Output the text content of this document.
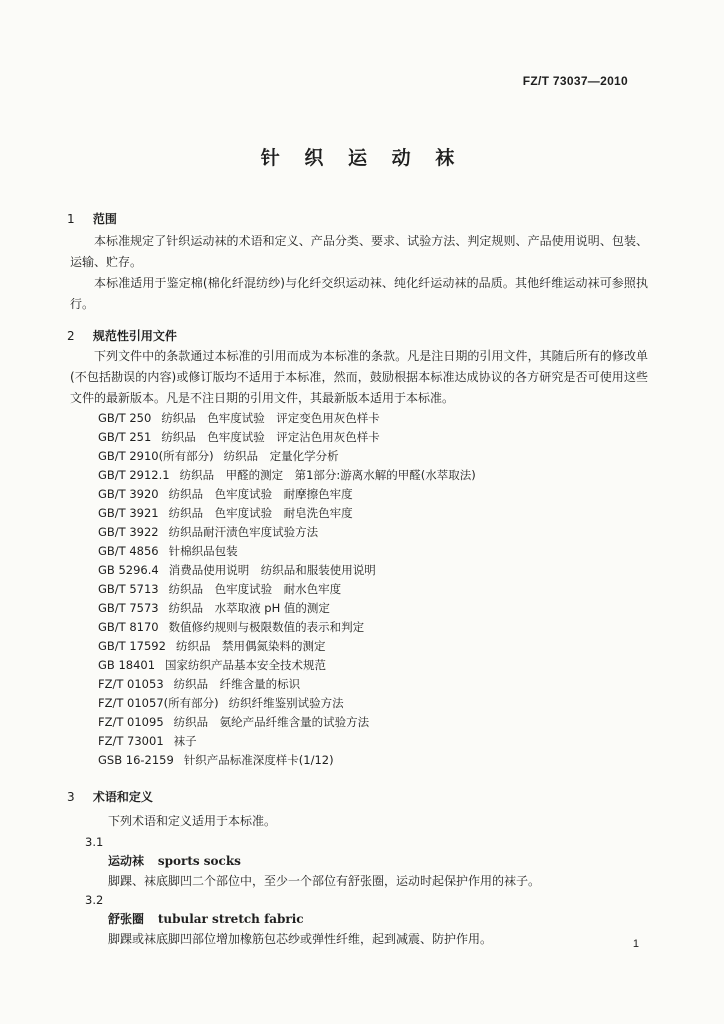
FZ/T 73037—2010
针 织 运 动 袜
1 范围
本标准规定了针织运动袜的术语和定义、产品分类、要求、试验方法、判定规则、产品使用说明、包装、运输、贮存。
本标准适用于鉴定棉(棉化纤混纺纱)与化纤交织运动袜、纯化纤运动袜的品质。其他纤维运动袜可参照执行。
2 规范性引用文件
下列文件中的条款通过本标准的引用而成为本标准的条款。凡是注日期的引用文件，其随后所有的修改单(不包括勘误的内容)或修订版均不适用于本标准，然而，鼓励根据本标准达成协议的各方研究是否可使用这些文件的最新版本。凡是不注日期的引用文件，其最新版本适用于本标准。
GB/T 250 纺织品　色牢度试验　评定变色用灰色样卡
GB/T 251 纺织品　色牢度试验　评定沾色用灰色样卡
GB/T 2910(所有部分) 纺织品　定量化学分析
GB/T 2912.1 纺织品　甲醛的测定　第1部分:游离水解的甲醛(水萃取法)
GB/T 3920 纺织品　色牢度试验　耐摩擦色牢度
GB/T 3921 纺织品　色牢度试验　耐皂洗色牢度
GB/T 3922 纺织品耐汗渍色牢度试验方法
GB/T 4856 针棉织品包装
GB 5296.4 消费品使用说明　纺织品和服装使用说明
GB/T 5713 纺织品　色牢度试验　耐水色牢度
GB/T 7573 纺织品　水萃取液 pH 值的测定
GB/T 8170 数值修约规则与极限数值的表示和判定
GB/T 17592 纺织品　禁用偶氮染料的测定
GB 18401 国家纺织产品基本安全技术规范
FZ/T 01053 纺织品　纤维含量的标识
FZ/T 01057(所有部分) 纺织纤维鉴别试验方法
FZ/T 01095 纺织品　氨纶产品纤维含量的试验方法
FZ/T 73001 袜子
GSB 16-2159 针织产品标准深度样卡(1/12)
3 术语和定义
下列术语和定义适用于本标准。
3.1
运动袜 sports socks
脚踝、袜底脚凹二个部位中，至少一个部位有舒张圈，运动时起保护作用的袜子。
3.2
舒张圈 tubular stretch fabric
脚踝或袜底脚凹部位增加橡筋包芯纱或弹性纤维，起到减震、防护作用。	1
